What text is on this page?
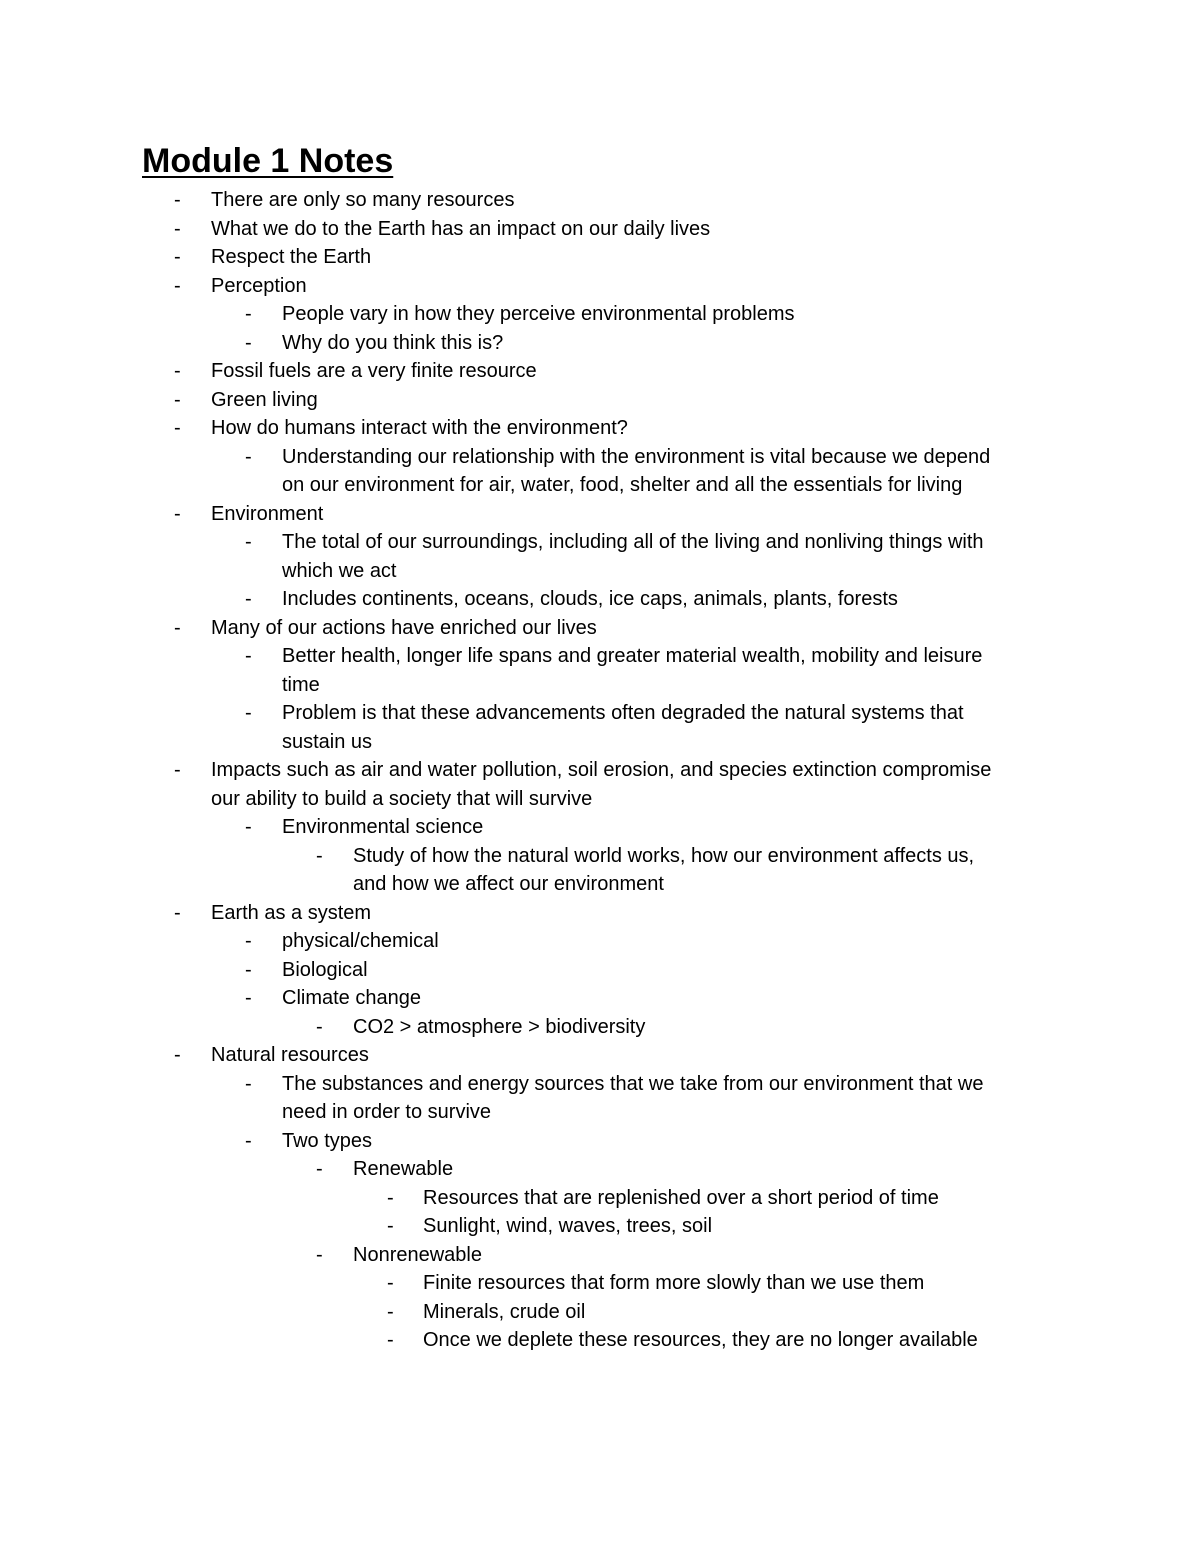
Module 1 Notes
- There are only so many resources
- What we do to the Earth has an impact on our daily lives
- Respect the Earth
- Perception
- People vary in how they perceive environmental problems
- Why do you think this is?
- Fossil fuels are a very finite resource
- Green living
- How do humans interact with the environment?
- Understanding our relationship with the environment is vital because we depend
on our environment for air, water, food, shelter and all the essentials for living
- Environment
- The total of our surroundings, including all of the living and nonliving things with
which we act
- Includes continents, oceans, clouds, ice caps, animals, plants, forests
- Many of our actions have enriched our lives
- Better health, longer life spans and greater material wealth, mobility and leisure
time
- Problem is that these advancements often degraded the natural systems that
sustain us
- Impacts such as air and water pollution, soil erosion, and species extinction compromise
our ability to build a society that will survive
- Environmental science
- Study of how the natural world works, how our environment affects us,
and how we affect our environment
- Earth as a system
- physical/chemical
- Biological
- Climate change
- CO2 > atmosphere > biodiversity
- Natural resources
- The substances and energy sources that we take from our environment that we
need in order to survive
- Two types
- Renewable
- Resources that are replenished over a short period of time
- Sunlight, wind, waves, trees, soil
- Nonrenewable
- Finite resources that form more slowly than we use them
- Minerals, crude oil
- Once we deplete these resources, they are no longer available
